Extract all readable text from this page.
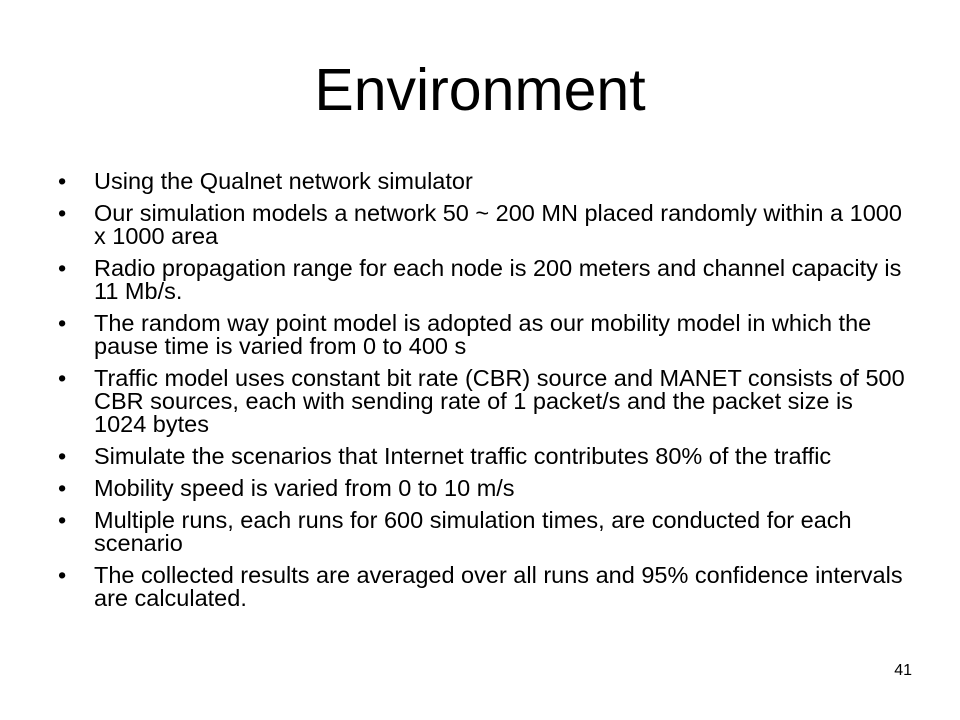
Environment
• Using the Qualnet network simulator
• Our simulation models a network 50 ~ 200 MN placed randomly within a 1000 x 1000 area
• Radio propagation range for each node is 200 meters and channel capacity is 11 Mb/s.
• The random way point model is adopted as our mobility model in which the pause time is varied from 0 to 400 s
• Traffic model uses constant bit rate (CBR) source and MANET consists of 500 CBR sources, each with sending rate of 1 packet/s and the packet size is 1024 bytes
• Simulate the scenarios that Internet traffic contributes 80% of the traffic
• Mobility speed is varied from 0 to 10 m/s
• Multiple runs, each runs for 600 simulation times, are conducted for each scenario
• The collected results are averaged over all runs and 95% confidence intervals are calculated.
41
